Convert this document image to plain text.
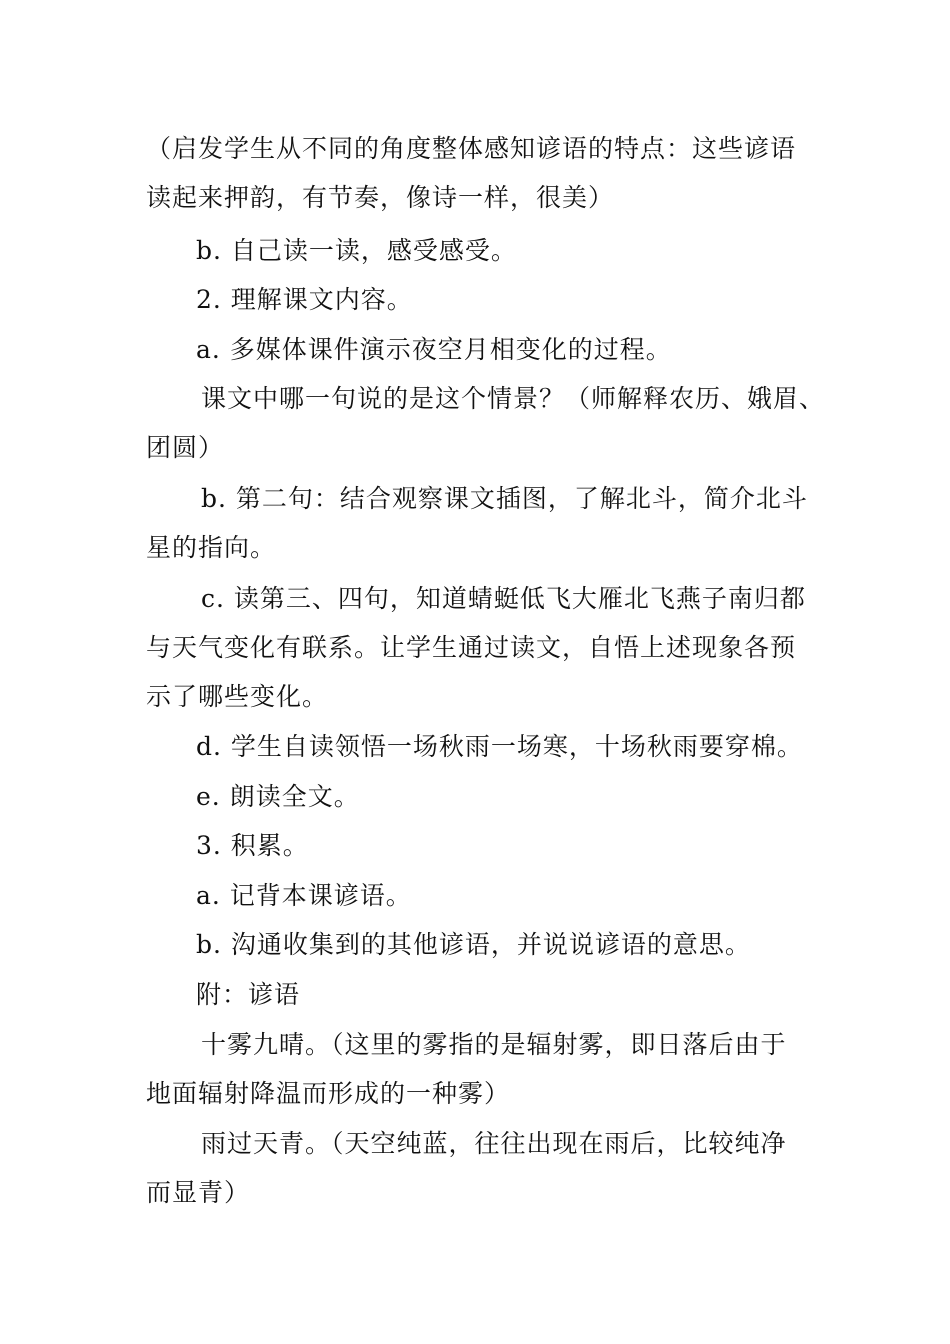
（启发学生从不同的角度整体感知谚语的特点：这些谚语
读起来押韵，有节奏，像诗一样，很美）

b. 自己读一读，感受感受。

2. 理解课文内容。

a. 多媒体课件演示夜空月相变化的过程。

课文中哪一句说的是这个情景？（师解释农历、娥眉、
团圆）

b. 第二句：结合观察课文插图，了解北斗，简介北斗
星的指向。

c. 读第三、四句，知道蜻蜓低飞大雁北飞燕子南归都
与天气变化有联系。让学生通过读文，自悟上述现象各预
示了哪些变化。

d. 学生自读领悟一场秋雨一场寒，十场秋雨要穿棉。

e. 朗读全文。

3. 积累。

a. 记背本课谚语。

b. 沟通收集到的其他谚语，并说说谚语的意思。

附：谚语

十雾九晴。（这里的雾指的是辐射雾，即日落后由于
地面辐射降温而形成的一种雾）

雨过天青。（天空纯蓝，往往出现在雨后，比较纯净
而显青）
